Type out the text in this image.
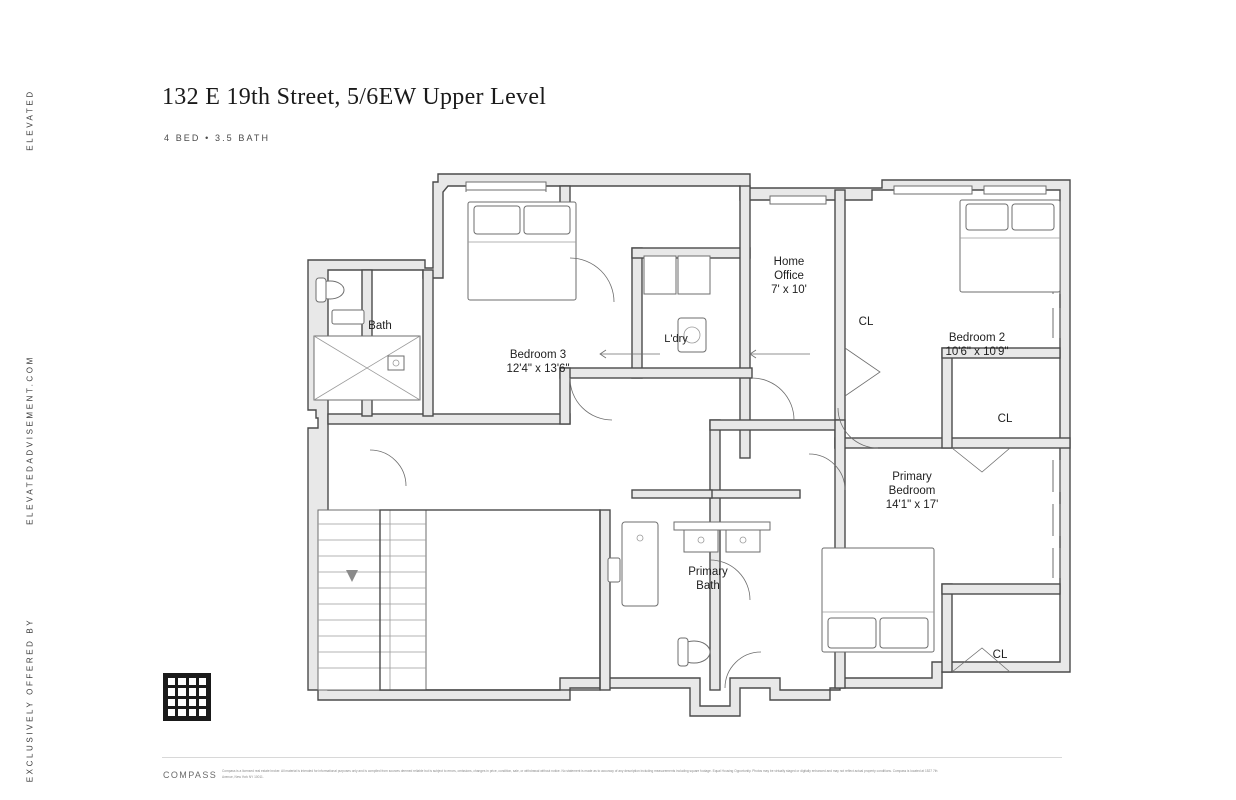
ELEVATED
ELEVATEDADVISEMENT.COM
EXCLUSIVELY OFFERED BY
132 E 19th Street, 5/6EW Upper Level
4 BED • 3.5 BATH
Bath
Bedroom 3
12'4" x 13'6"
L'dry
Home
Office
7' x 10'
CL
Bedroom 2
10'6" x 10'9"
CL
Primary
Bedroom
14'1" x 17'
Primary
Bath
CL
COMPASS Compass is a licensed real estate broker. All material is intended for informational purposes only and is compiled from sources deemed reliable but is subject to errors, omissions, changes in price, condition, sale, or withdrawal without notice. No statement is made as to accuracy of any description including measurements including square footage. Equal Housing Opportunity. Photos may be virtually staged or digitally enhanced and may not reflect actual property conditions. Compass is located at 1527 7th Avenue, New York NY 10011.
